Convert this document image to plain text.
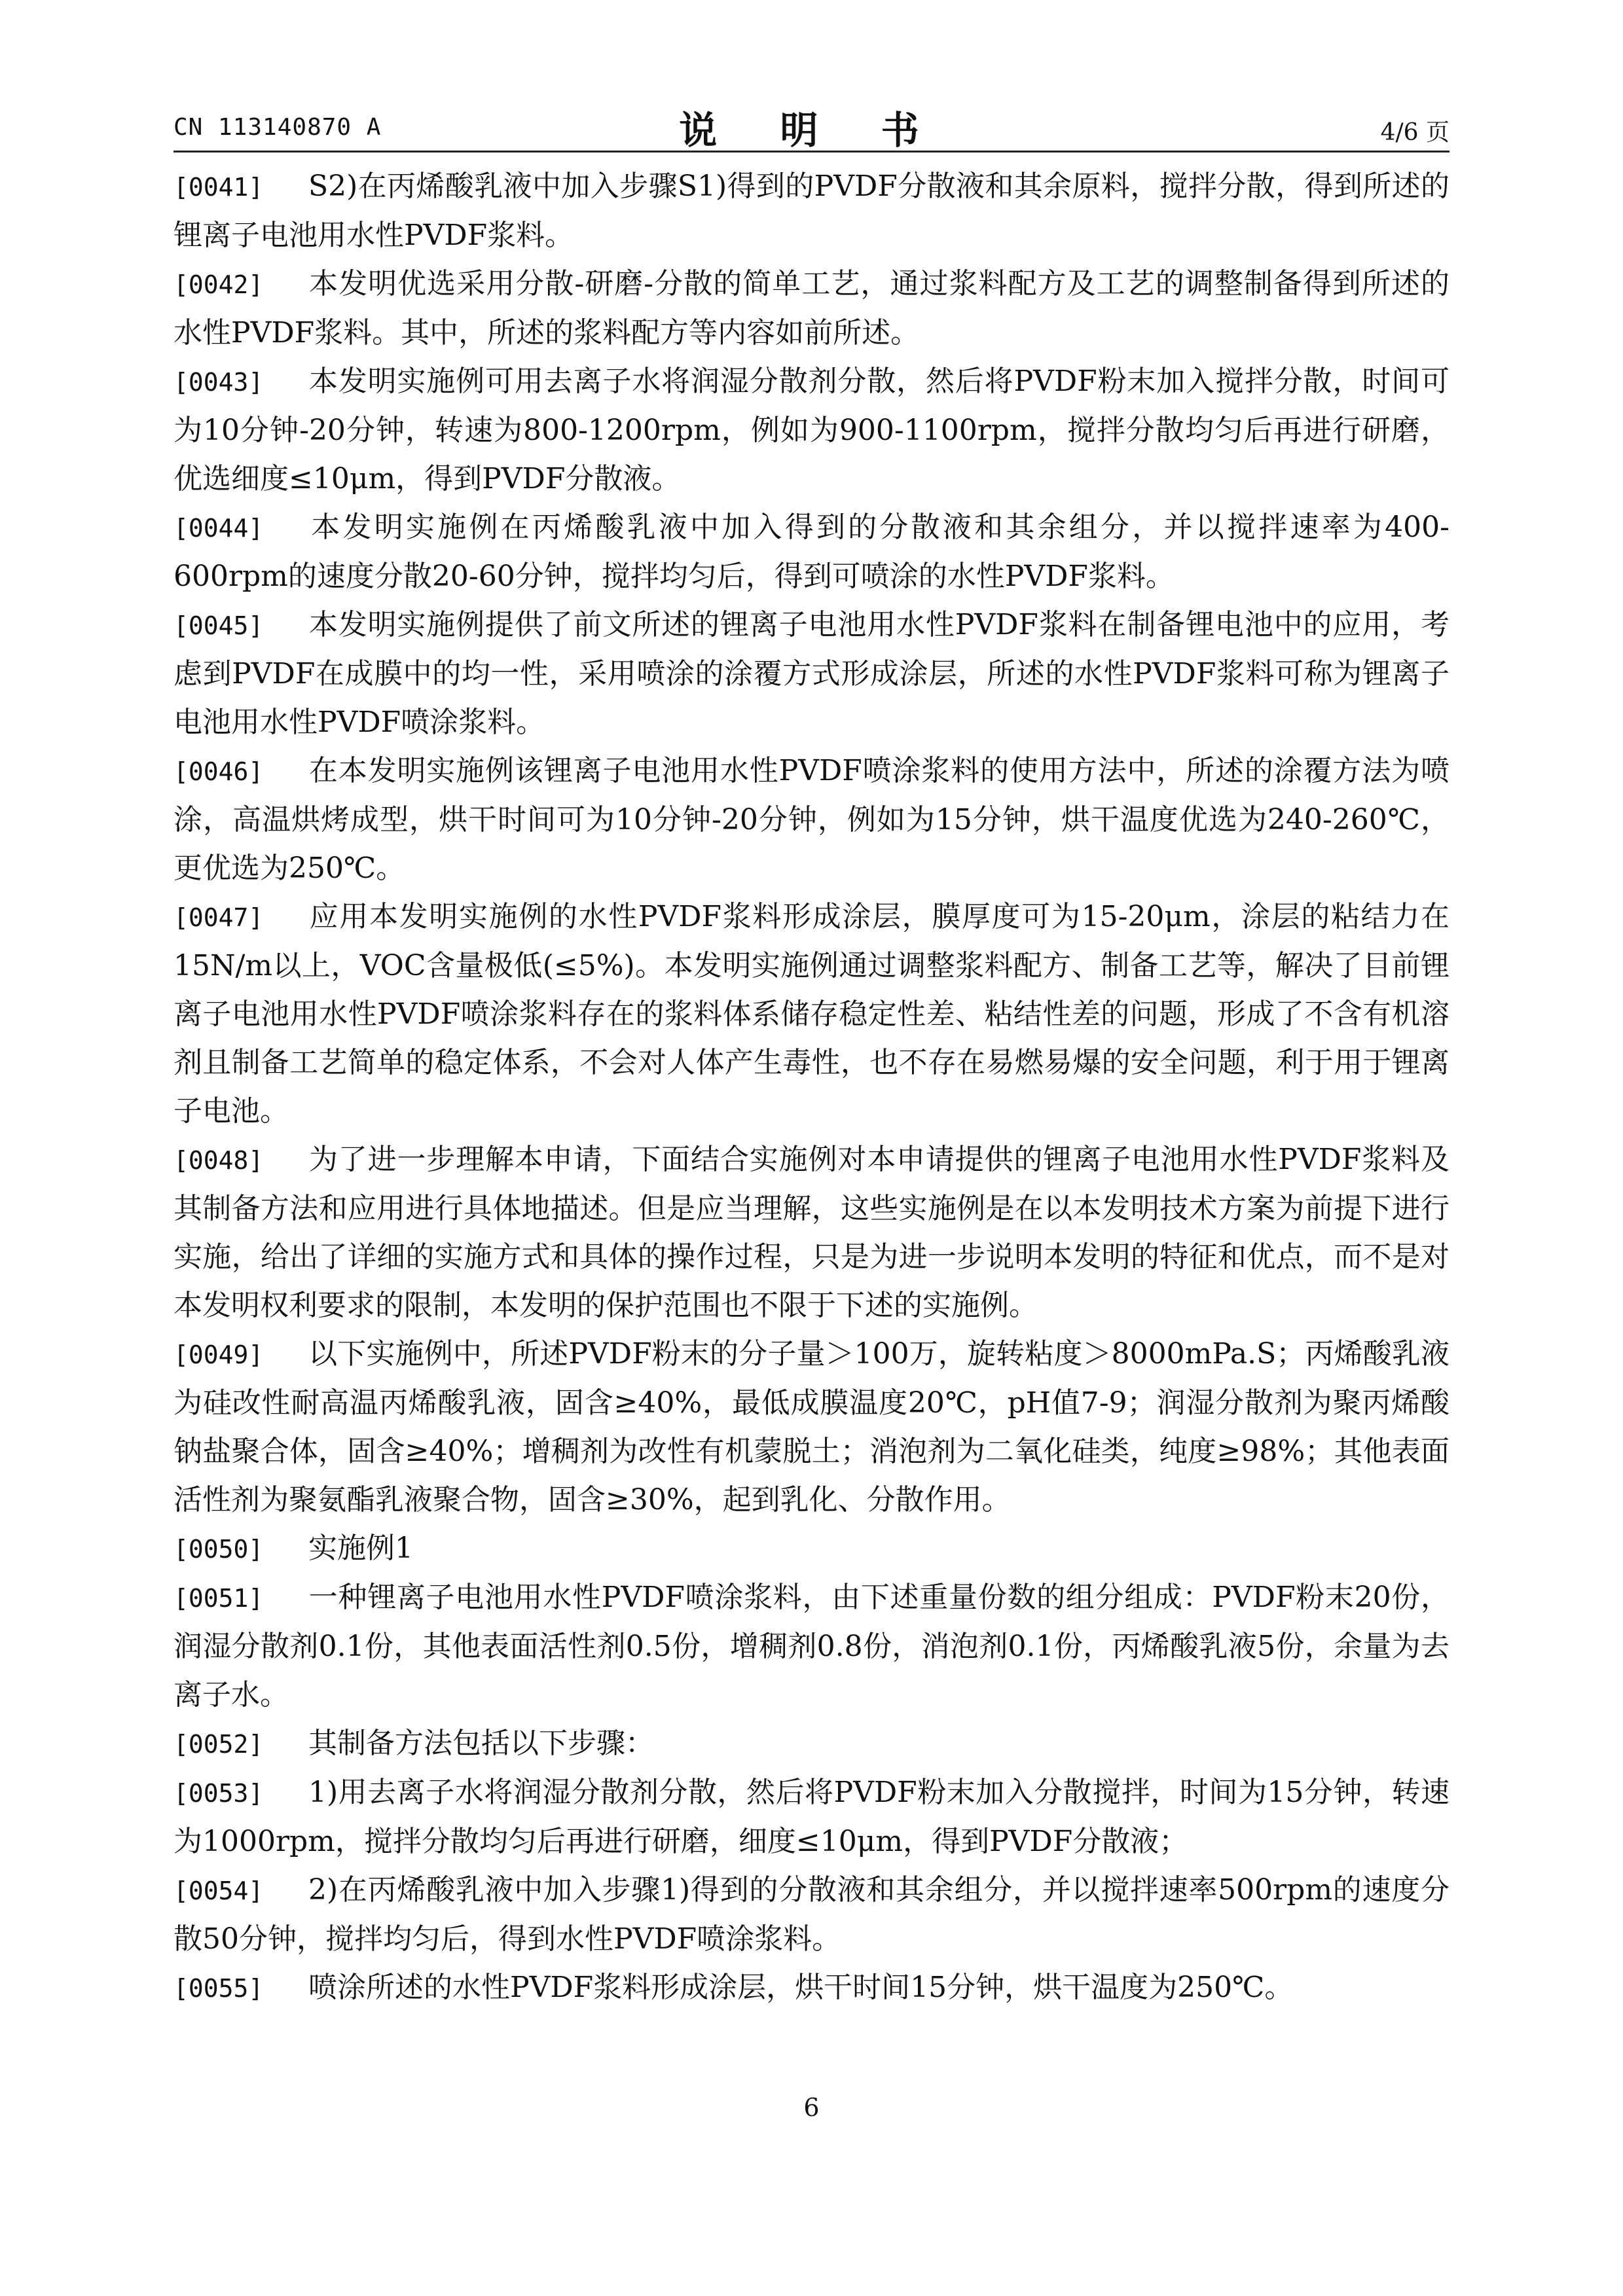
CN 113140870 A	说 明 书	4/6 页

[0041] S2)在丙烯酸乳液中加入步骤S1)得到的PVDF分散液和其余原料，搅拌分散，得到所述的锂离子电池用水性PVDF浆料。

[0042] 本发明优选采用分散-研磨-分散的简单工艺，通过浆料配方及工艺的调整制备得到所述的水性PVDF浆料。其中，所述的浆料配方等内容如前所述。

[0043] 本发明实施例可用去离子水将润湿分散剂分散，然后将PVDF粉末加入搅拌分散，时间可为10分钟-20分钟，转速为800-1200rpm，例如为900-1100rpm，搅拌分散均匀后再进行研磨，优选细度≤10μm，得到PVDF分散液。

[0044] 本发明实施例在丙烯酸乳液中加入得到的分散液和其余组分，并以搅拌速率为400-600rpm的速度分散20-60分钟，搅拌均匀后，得到可喷涂的水性PVDF浆料。

[0045] 本发明实施例提供了前文所述的锂离子电池用水性PVDF浆料在制备锂电池中的应用，考虑到PVDF在成膜中的均一性，采用喷涂的涂覆方式形成涂层，所述的水性PVDF浆料可称为锂离子电池用水性PVDF喷涂浆料。

[0046] 在本发明实施例该锂离子电池用水性PVDF喷涂浆料的使用方法中，所述的涂覆方法为喷涂，高温烘烤成型，烘干时间可为10分钟-20分钟，例如为15分钟，烘干温度优选为240-260℃，更优选为250℃。

[0047] 应用本发明实施例的水性PVDF浆料形成涂层，膜厚度可为15-20μm，涂层的粘结力在15N/m以上，VOC含量极低(≤5%)。本发明实施例通过调整浆料配方、制备工艺等，解决了目前锂离子电池用水性PVDF喷涂浆料存在的浆料体系储存稳定性差、粘结性差的问题，形成了不含有机溶剂且制备工艺简单的稳定体系，不会对人体产生毒性，也不存在易燃易爆的安全问题，利于用于锂离子电池。

[0048] 为了进一步理解本申请，下面结合实施例对本申请提供的锂离子电池用水性PVDF浆料及其制备方法和应用进行具体地描述。但是应当理解，这些实施例是在以本发明技术方案为前提下进行实施，给出了详细的实施方式和具体的操作过程，只是为进一步说明本发明的特征和优点，而不是对本发明权利要求的限制，本发明的保护范围也不限于下述的实施例。

[0049] 以下实施例中，所述PVDF粉末的分子量＞100万，旋转粘度＞8000mPa.S；丙烯酸乳液为硅改性耐高温丙烯酸乳液，固含≥40%，最低成膜温度20℃，pH值7-9；润湿分散剂为聚丙烯酸钠盐聚合体，固含≥40%；增稠剂为改性有机蒙脱土；消泡剂为二氧化硅类，纯度≥98%；其他表面活性剂为聚氨酯乳液聚合物，固含≥30%，起到乳化、分散作用。

[0050] 实施例1

[0051] 一种锂离子电池用水性PVDF喷涂浆料，由下述重量份数的组分组成：PVDF粉末20份，润湿分散剂0.1份，其他表面活性剂0.5份，增稠剂0.8份，消泡剂0.1份，丙烯酸乳液5份，余量为去离子水。

[0052] 其制备方法包括以下步骤：

[0053] 1)用去离子水将润湿分散剂分散，然后将PVDF粉末加入分散搅拌，时间为15分钟，转速为1000rpm，搅拌分散均匀后再进行研磨，细度≤10μm，得到PVDF分散液；

[0054] 2)在丙烯酸乳液中加入步骤1)得到的分散液和其余组分，并以搅拌速率500rpm的速度分散50分钟，搅拌均匀后，得到水性PVDF喷涂浆料。

[0055] 喷涂所述的水性PVDF浆料形成涂层，烘干时间15分钟，烘干温度为250℃。

6
